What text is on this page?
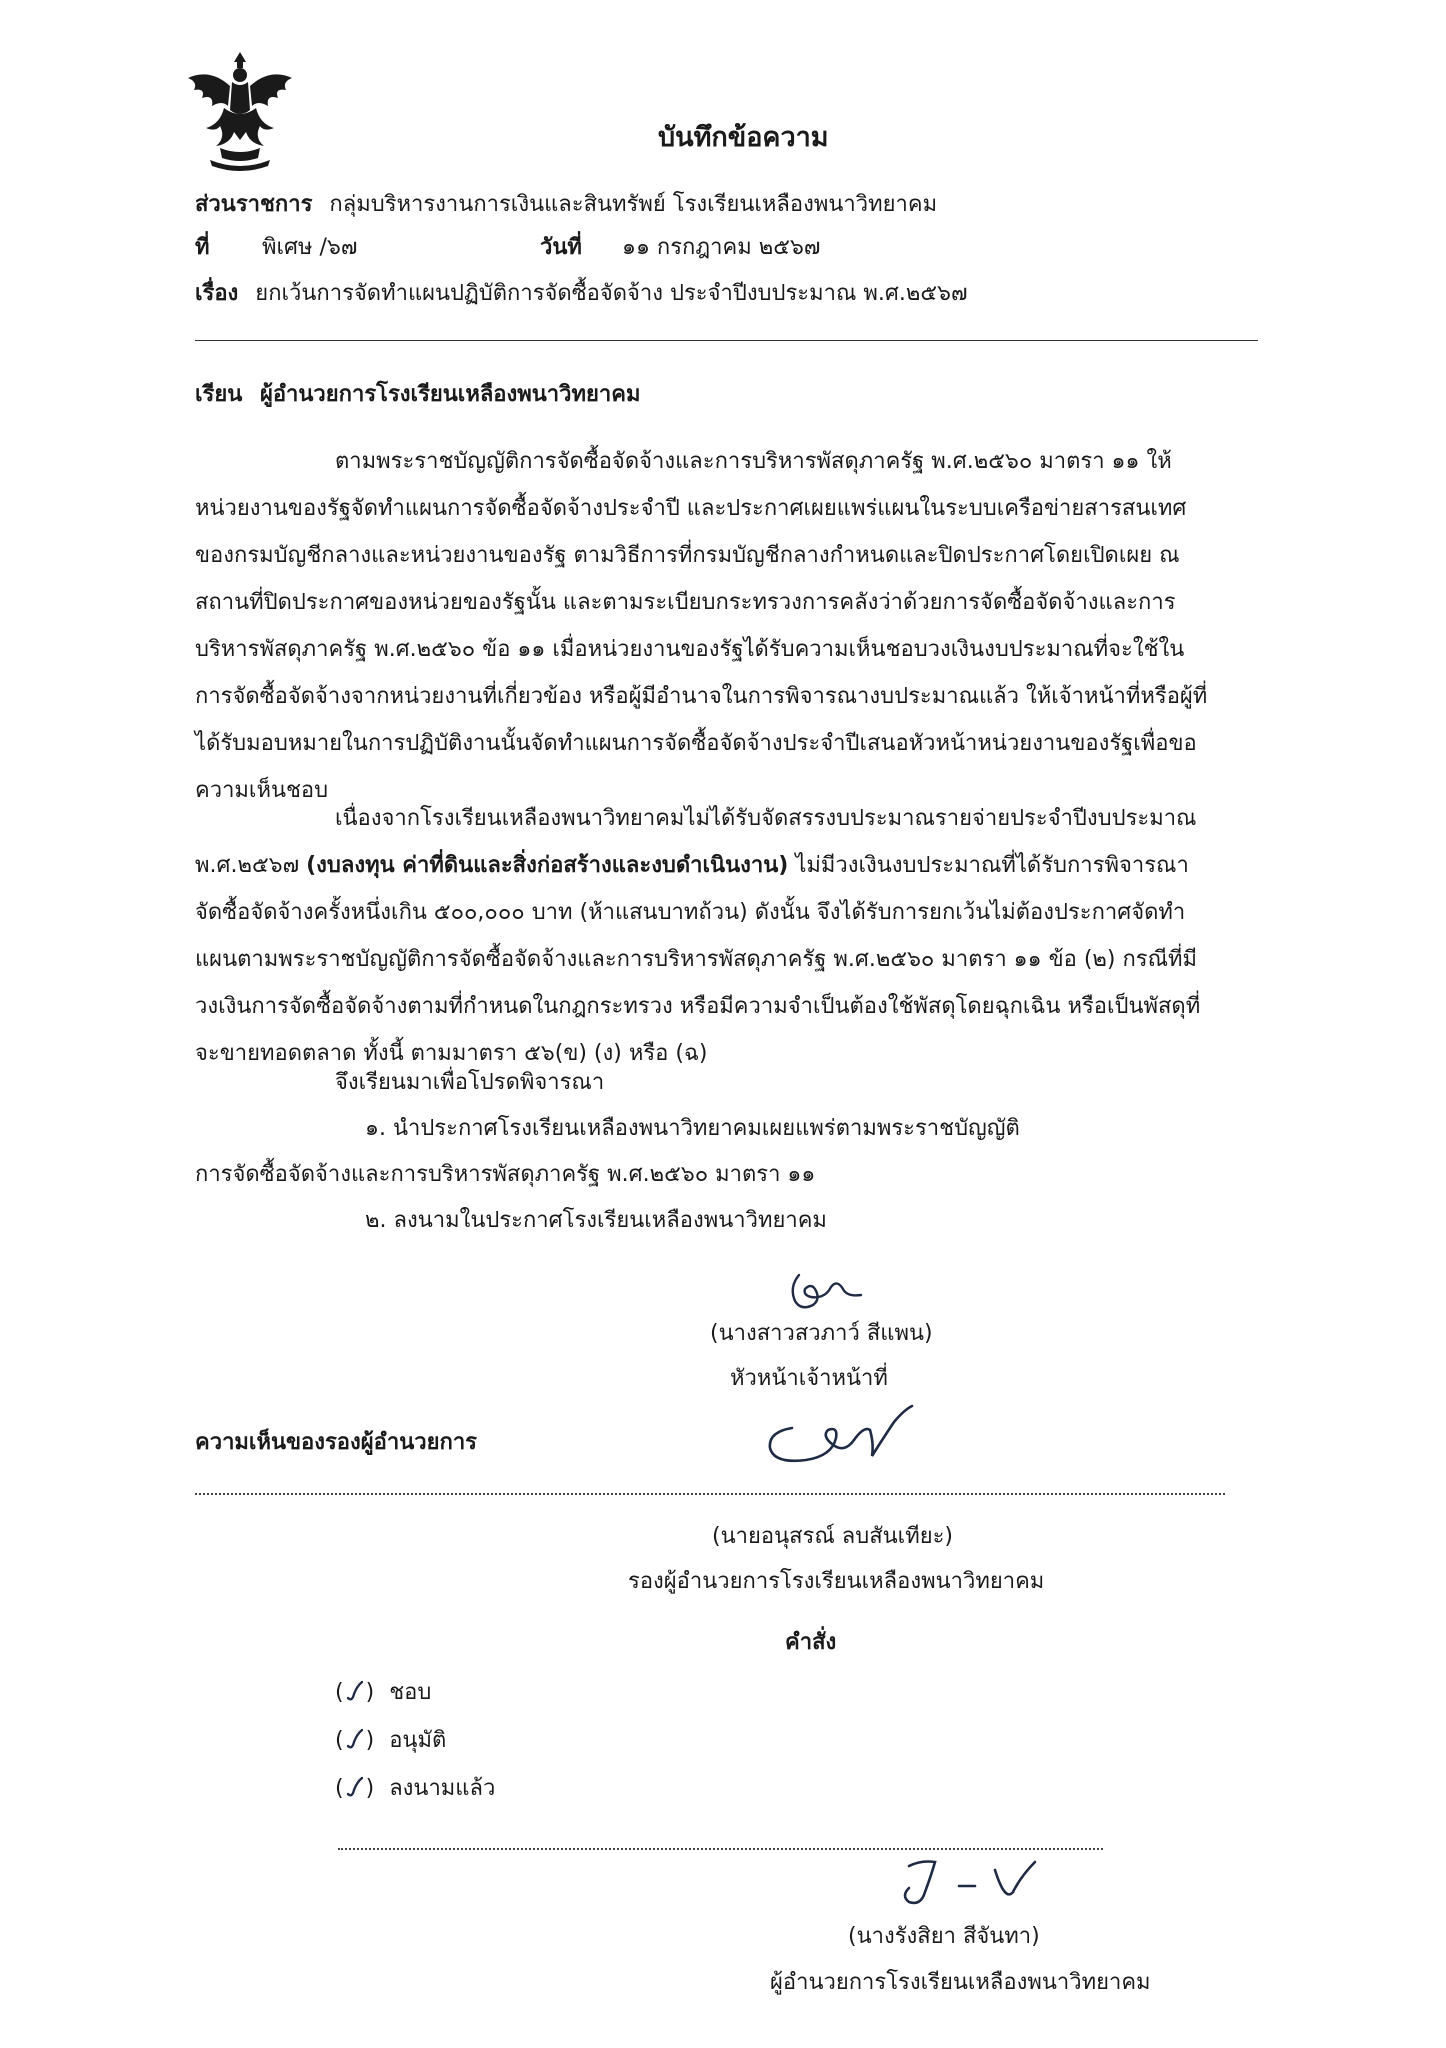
บันทึกข้อความ
ส่วนราชการ กลุ่มบริหารงานการเงินและสินทรัพย์ โรงเรียนเหลืองพนาวิทยาคม
ที่ พิเศษ /๖๗	วันที่ ๑๑ กรกฎาคม ๒๕๖๗
เรื่อง ยกเว้นการจัดทำแผนปฏิบัติการจัดซื้อจัดจ้าง ประจำปีงบประมาณ พ.ศ.๒๕๖๗
เรียน ผู้อำนวยการโรงเรียนเหลืองพนาวิทยาคม
ตามพระราชบัญญัติการจัดซื้อจัดจ้างและการบริหารพัสดุภาครัฐ พ.ศ.๒๕๖๐ มาตรา ๑๑ ให้
หน่วยงานของรัฐจัดทำแผนการจัดซื้อจัดจ้างประจำปี และประกาศเผยแพร่แผนในระบบเครือข่ายสารสนเทศ
ของกรมบัญชีกลางและหน่วยงานของรัฐ ตามวิธีการที่กรมบัญชีกลางกำหนดและปิดประกาศโดยเปิดเผย ณ
สถานที่ปิดประกาศของหน่วยของรัฐนั้น และตามระเบียบกระทรวงการคลังว่าด้วยการจัดซื้อจัดจ้างและการ
บริหารพัสดุภาครัฐ พ.ศ.๒๕๖๐ ข้อ ๑๑ เมื่อหน่วยงานของรัฐได้รับความเห็นชอบวงเงินงบประมาณที่จะใช้ใน
การจัดซื้อจัดจ้างจากหน่วยงานที่เกี่ยวข้อง หรือผู้มีอำนาจในการพิจารณางบประมาณแล้ว ให้เจ้าหน้าที่หรือผู้ที่
ได้รับมอบหมายในการปฏิบัติงานนั้นจัดทำแผนการจัดซื้อจัดจ้างประจำปีเสนอหัวหน้าหน่วยงานของรัฐเพื่อขอ
ความเห็นชอบ
เนื่องจากโรงเรียนเหลืองพนาวิทยาคมไม่ได้รับจัดสรรงบประมาณรายจ่ายประจำปีงบประมาณ
พ.ศ.๒๕๖๗ (งบลงทุน ค่าที่ดินและสิ่งก่อสร้างและงบดำเนินงาน) ไม่มีวงเงินงบประมาณที่ได้รับการพิจารณา
จัดซื้อจัดจ้างครั้งหนึ่งเกิน ๕๐๐,๐๐๐ บาท (ห้าแสนบาทถ้วน) ดังนั้น จึงได้รับการยกเว้นไม่ต้องประกาศจัดทำ
แผนตามพระราชบัญญัติการจัดซื้อจัดจ้างและการบริหารพัสดุภาครัฐ พ.ศ.๒๕๖๐ มาตรา ๑๑ ข้อ (๒) กรณีที่มี
วงเงินการจัดซื้อจัดจ้างตามที่กำหนดในกฎกระทรวง หรือมีความจำเป็นต้องใช้พัสดุโดยฉุกเฉิน หรือเป็นพัสดุที่
จะขายทอดตลาด ทั้งนี้ ตามมาตรา ๕๖(ข) (ง) หรือ (ฉ)
จึงเรียนมาเพื่อโปรดพิจารณา
๑. นำประกาศโรงเรียนเหลืองพนาวิทยาคมเผยแพร่ตามพระราชบัญญัติ
การจัดซื้อจัดจ้างและการบริหารพัสดุภาครัฐ พ.ศ.๒๕๖๐ มาตรา ๑๑
๒. ลงนามในประกาศโรงเรียนเหลืองพนาวิทยาคม
(นางสาวสวภาว์ สีแพน)
หัวหน้าเจ้าหน้าที่
ความเห็นของรองผู้อำนวยการ
(นายอนุสรณ์ ลบสันเทียะ)
รองผู้อำนวยการโรงเรียนเหลืองพนาวิทยาคม
คำสั่ง
( ) ชอบ
( ) อนุมัติ
( ) ลงนามแล้ว
(นางรังสิยา สีจันทา)
ผู้อำนวยการโรงเรียนเหลืองพนาวิทยาคม
